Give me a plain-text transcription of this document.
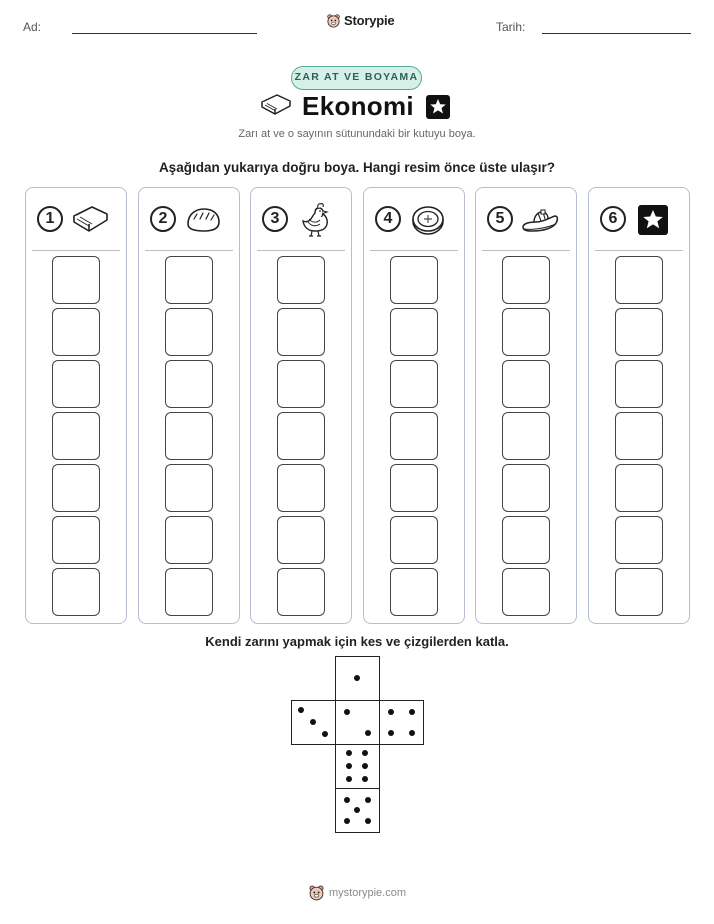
Ad:	Storypie	Tarih:
ZAR AT VE BOYAMA
Ekonomi
Zarı at ve o sayının sütunundaki bir kutuyu boya.
Aşağıdan yukarıya doğru boya. Hangi resim önce üste ulaşır?
1	2	3	4	5	6
Kendi zarını yapmak için kes ve çizgilerden katla.
mystorypie.com
